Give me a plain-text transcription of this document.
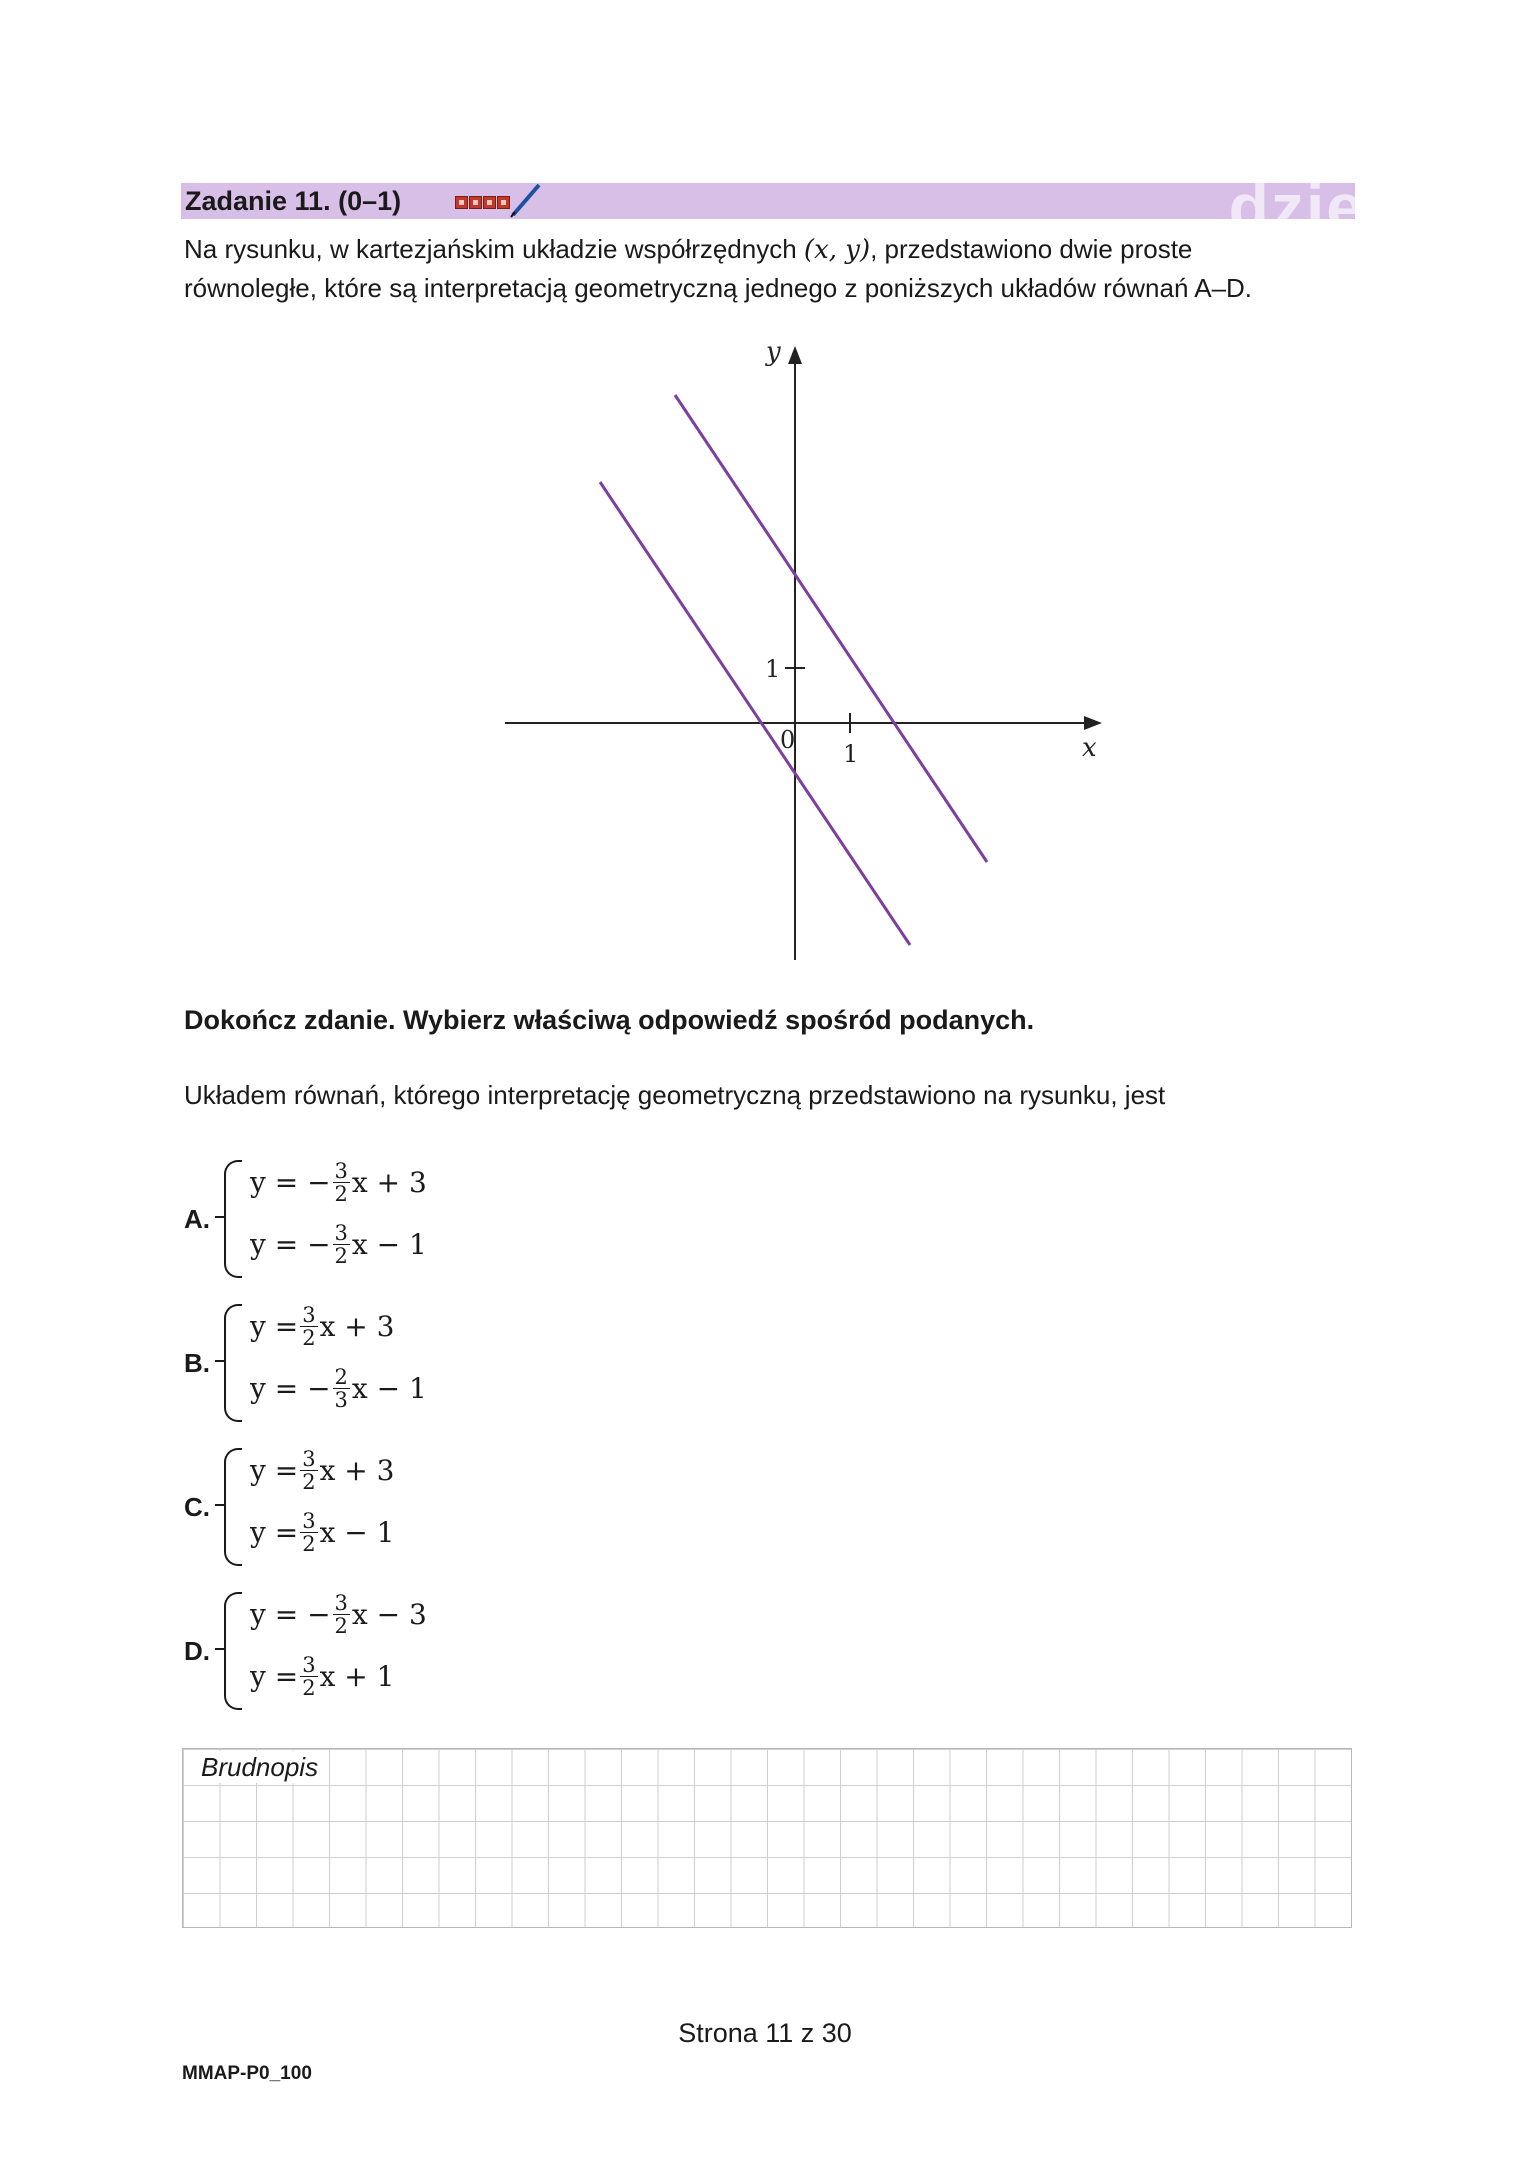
Zadanie 11. (0–1)	dzie
Na rysunku, w kartezjańskim układzie współrzędnych (x, y), przedstawiono dwie proste
równoległe, które są interpretacją geometryczną jednego z poniższych układów równań A–D.
y
x
0 1
1
Dokończ zdanie. Wybierz właściwą odpowiedź spośród podanych.
Układem równań, którego interpretację geometryczną przedstawiono na rysunku, jest
A.
y = − $\frac{3}{2}$ x + 3
y = − $\frac{3}{2}$ x − 1
B.
$y = \frac{3}{2}$ x + 3
y = − $\frac{2}{3}$ x − 1
C.
$y = \frac{3}{2}$ x + 3
$y = \frac{3}{2}$ x − 1
D.
y = − $\frac{3}{2}$ x − 3
$y = \frac{3}{2}$ x + 1
Brudnopis
Strona 11 z 30
MMAP-P0_100
